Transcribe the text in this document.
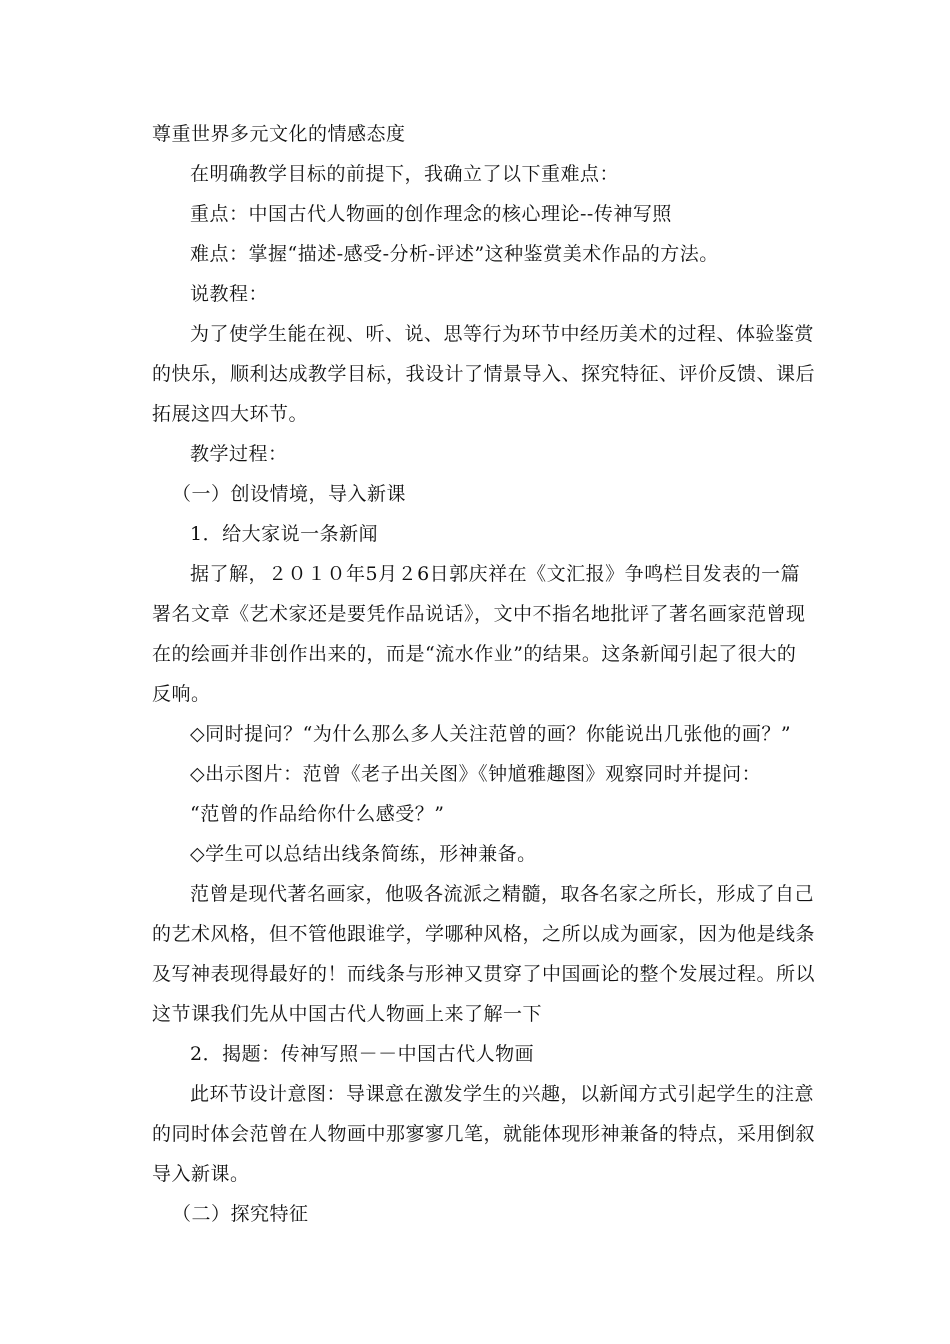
尊重世界多元文化的情感态度
在明确教学目标的前提下，我确立了以下重难点：
重点：中国古代人物画的创作理念的核心理论--传神写照
难点：掌握“描述-感受-分析-评述”这种鉴赏美术作品的方法。
说教程：
为了使学生能在视、听、说、思等行为环节中经历美术的过程、体验鉴赏
的快乐，顺利达成教学目标，我设计了情景导入、探究特征、评价反馈、课后
拓展这四大环节。
教学过程：
（一）创设情境，导入新课
1．给大家说一条新闻
据了解，２０１０年5月２6日郭庆祥在《文汇报》争鸣栏目发表的一篇
署名文章《艺术家还是要凭作品说话》，文中不指名地批评了著名画家范曾现
在的绘画并非创作出来的，而是“流水作业”的结果。这条新闻引起了很大的
反响。
◇同时提问？“为什么那么多人关注范曾的画？你能说出几张他的画？”
◇出示图片：范曾《老子出关图》《钟馗雅趣图》观察同时并提问：
“范曾的作品给你什么感受？”
◇学生可以总结出线条简练，形神兼备。
范曾是现代著名画家，他吸各流派之精髓，取各名家之所长，形成了自己
的艺术风格，但不管他跟谁学，学哪种风格，之所以成为画家，因为他是线条
及写神表现得最好的！而线条与形神又贯穿了中国画论的整个发展过程。所以
这节课我们先从中国古代人物画上来了解一下
2．揭题：传神写照－－中国古代人物画
此环节设计意图：导课意在激发学生的兴趣，以新闻方式引起学生的注意
的同时体会范曾在人物画中那寥寥几笔，就能体现形神兼备的特点，采用倒叙
导入新课。
（二）探究特征
